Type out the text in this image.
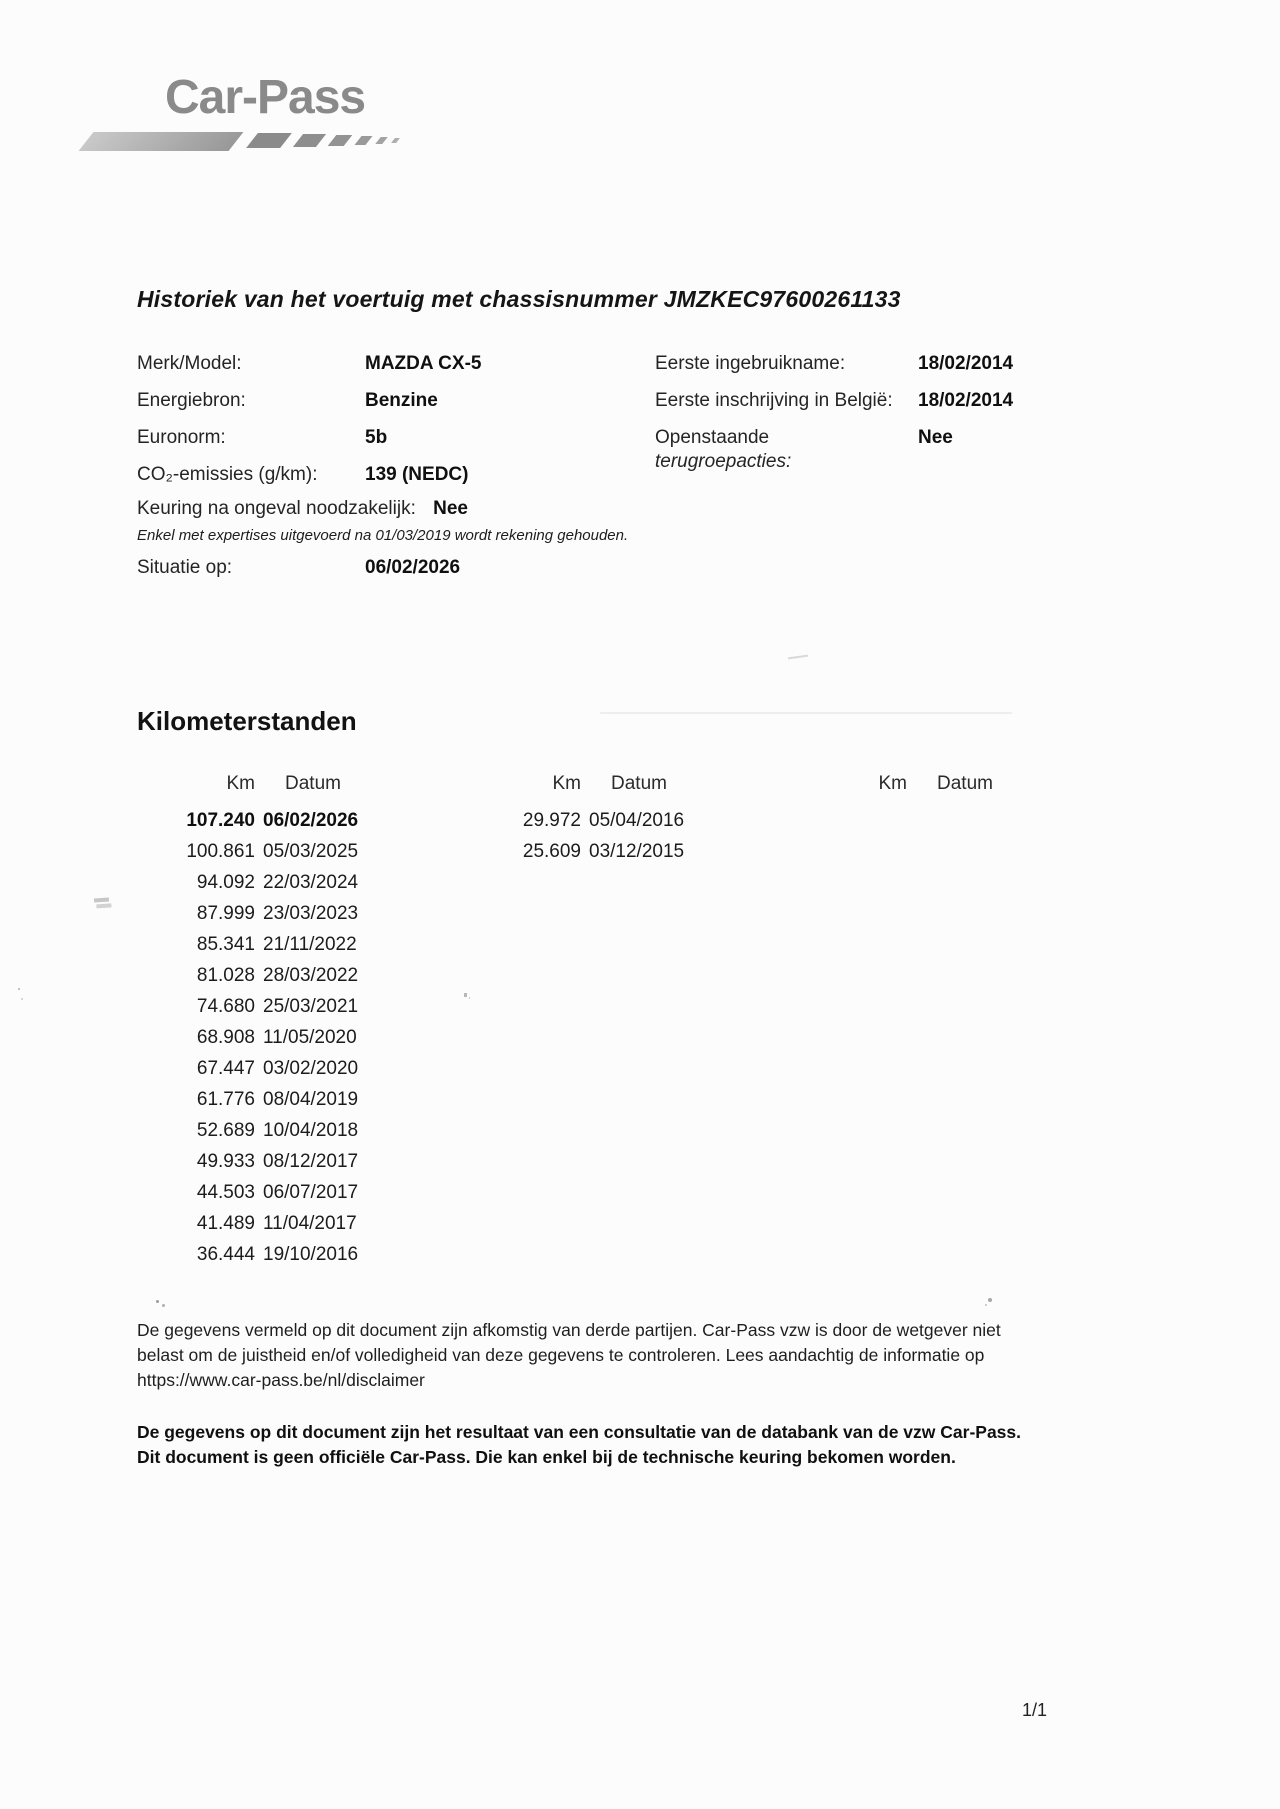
Car-Pass
Historiek van het voertuig met chassisnummer JMZKEC97600261133
Merk/Model:	MAZDA CX-5
Energiebron:	Benzine
Euronorm:	5b
CO₂-emissies (g/km):	139 (NEDC)
Eerste ingebruikname:	18/02/2014
Eerste inschrijving in België:	18/02/2014
Openstaande
terugroepacties:
Nee
Keuring na ongeval noodzakelijk: Nee
Enkel met expertises uitgevoerd na 01/03/2019 wordt rekening gehouden.
Situatie op:	06/02/2026
Kilometerstanden
Km	Datum
107.240 06/02/2026
100.861 05/03/2025
94.092 22/03/2024
87.999 23/03/2023
85.341 21/11/2022
81.028 28/03/2022
74.680 25/03/2021
68.908 11/05/2020
67.447 03/02/2020
61.776 08/04/2019
52.689 10/04/2018
49.933 08/12/2017
44.503 06/07/2017
41.489 11/04/2017
36.444 19/10/2016
Km	Datum
29.972 05/04/2016
25.609 03/12/2015
Km	Datum

De gegevens vermeld op dit document zijn afkomstig van derde partijen. Car-Pass vzw is door de wetgever niet belast om de juistheid en/of volledigheid van deze gegevens te controleren. Lees aandachtig de informatie op
https://www.car-pass.be/nl/disclaimer

De gegevens op dit document zijn het resultaat van een consultatie van de databank van de vzw Car-Pass.
Dit document is geen officiële Car-Pass. Die kan enkel bij de technische keuring bekomen worden.

1/1
